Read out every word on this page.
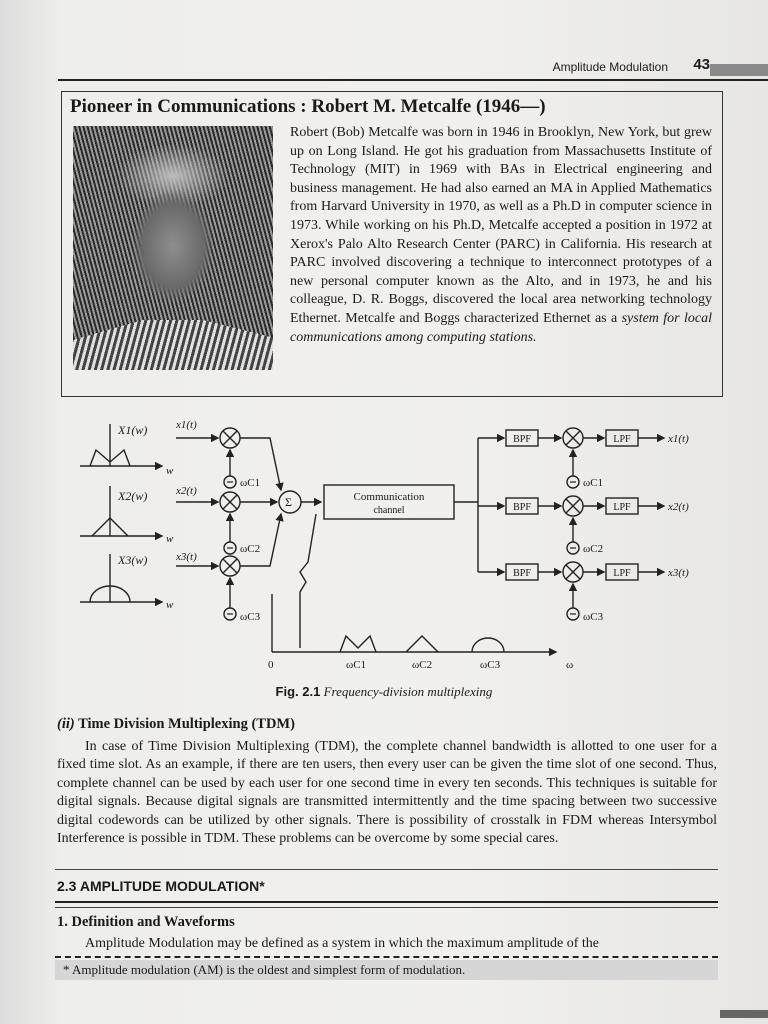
Amplitude Modulation 43
Pioneer in Communications : Robert M. Metcalfe (1946—)
Robert (Bob) Metcalfe was born in 1946 in Brooklyn, New York, but grew up on Long Island. He got his graduation from Massachusetts Institute of Technology (MIT) in 1969 with BAs in Electrical engineering and business management. He had also earned an MA in Applied Mathematics from Harvard University in 1970, as well as a Ph.D in computer science in 1973. While working on his Ph.D, Metcalfe accepted a position in 1972 at Xerox's Palo Alto Research Center (PARC) in California. His research at PARC involved discovering a technique to interconnect prototypes of a new personal computer known as the Alto, and in 1973, he and his colleague, D. R. Boggs, discovered the local area networking technology Ethernet. Metcalfe and Boggs characterized Ethernet as a system for local communications among computing stations.
X1(w)
X2(w)
X3(w)
w
w
w
x1(t)
x2(t)
x3(t)
x1(t)
x2(t)
x3(t)
ωC1
ωC2
ωC3
ωC1
ωC2
ωC3
Σ	Communication
channel
BPF
BPF
BPF
LPF
LPF
LPF
0	ωC1	ωC2	ωC3	ω
Fig. 2.1 Frequency-division multiplexing
(ii) Time Division Multiplexing (TDM)
In case of Time Division Multiplexing (TDM), the complete channel bandwidth is allotted to one user for a fixed time slot. As an example, if there are ten users, then every user can be given the time slot of one second. Thus, complete channel can be used by each user for one second time in every ten seconds. This techniques is suitable for digital signals. Because digital signals are transmitted intermittently and the time spacing between two successive digital codewords can be utilized by other signals. There is possibility of crosstalk in FDM whereas Intersymbol Interference is possible in TDM. These problems can be overcome by some special cares.
2.3 AMPLITUDE MODULATION*
1. Definition and Waveforms
Amplitude Modulation may be defined as a system in which the maximum amplitude of the
* Amplitude modulation (AM) is the oldest and simplest form of modulation.
